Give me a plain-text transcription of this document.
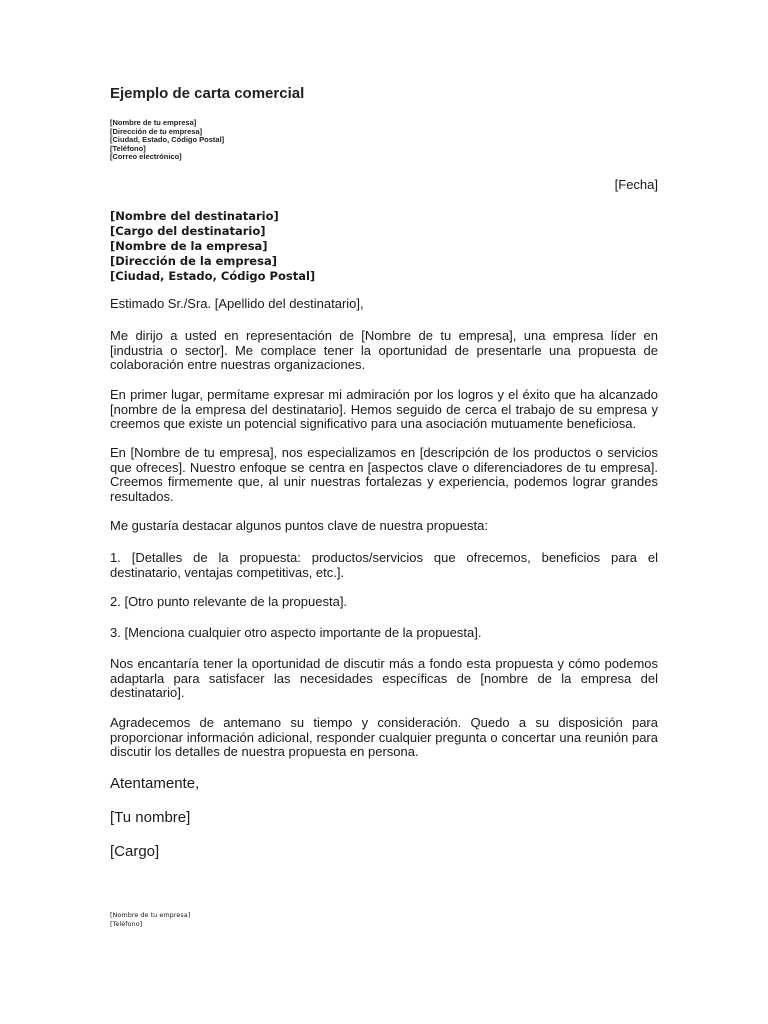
Ejemplo de carta comercial
[Nombre de tu empresa]
[Dirección de tu empresa]
[Ciudad, Estado, Código Postal]
[Teléfono]
[Correo electrónico]
[Fecha]
[Nombre del destinatario]
[Cargo del destinatario]
[Nombre de la empresa]
[Dirección de la empresa]
[Ciudad, Estado, Código Postal]

Estimado Sr./Sra. [Apellido del destinatario],

Me dirijo a usted en representación de [Nombre de tu empresa], una empresa líder en [industria o sector]. Me complace tener la oportunidad de presentarle una propuesta de colaboración entre nuestras organizaciones.

En primer lugar, permítame expresar mi admiración por los logros y el éxito que ha alcanzado [nombre de la empresa del destinatario]. Hemos seguido de cerca el trabajo de su empresa y creemos que existe un potencial significativo para una asociación mutuamente beneficiosa.

En [Nombre de tu empresa], nos especializamos en [descripción de los productos o servicios que ofreces]. Nuestro enfoque se centra en [aspectos clave o diferenciadores de tu empresa]. Creemos firmemente que, al unir nuestras fortalezas y experiencia, podemos lograr grandes resultados.

Me gustaría destacar algunos puntos clave de nuestra propuesta:

1. [Detalles de la propuesta: productos/servicios que ofrecemos, beneficios para el destinatario, ventajas competitivas, etc.].

2. [Otro punto relevante de la propuesta].

3. [Menciona cualquier otro aspecto importante de la propuesta].

Nos encantaría tener la oportunidad de discutir más a fondo esta propuesta y cómo podemos adaptarla para satisfacer las necesidades específicas de [nombre de la empresa del destinatario].

Agradecemos de antemano su tiempo y consideración. Quedo a su disposición para proporcionar información adicional, responder cualquier pregunta o concertar una reunión para discutir los detalles de nuestra propuesta en persona.

Atentamente,
[Tu nombre]
[Cargo]
[Nombre de tu empresa]
[Teléfono]
